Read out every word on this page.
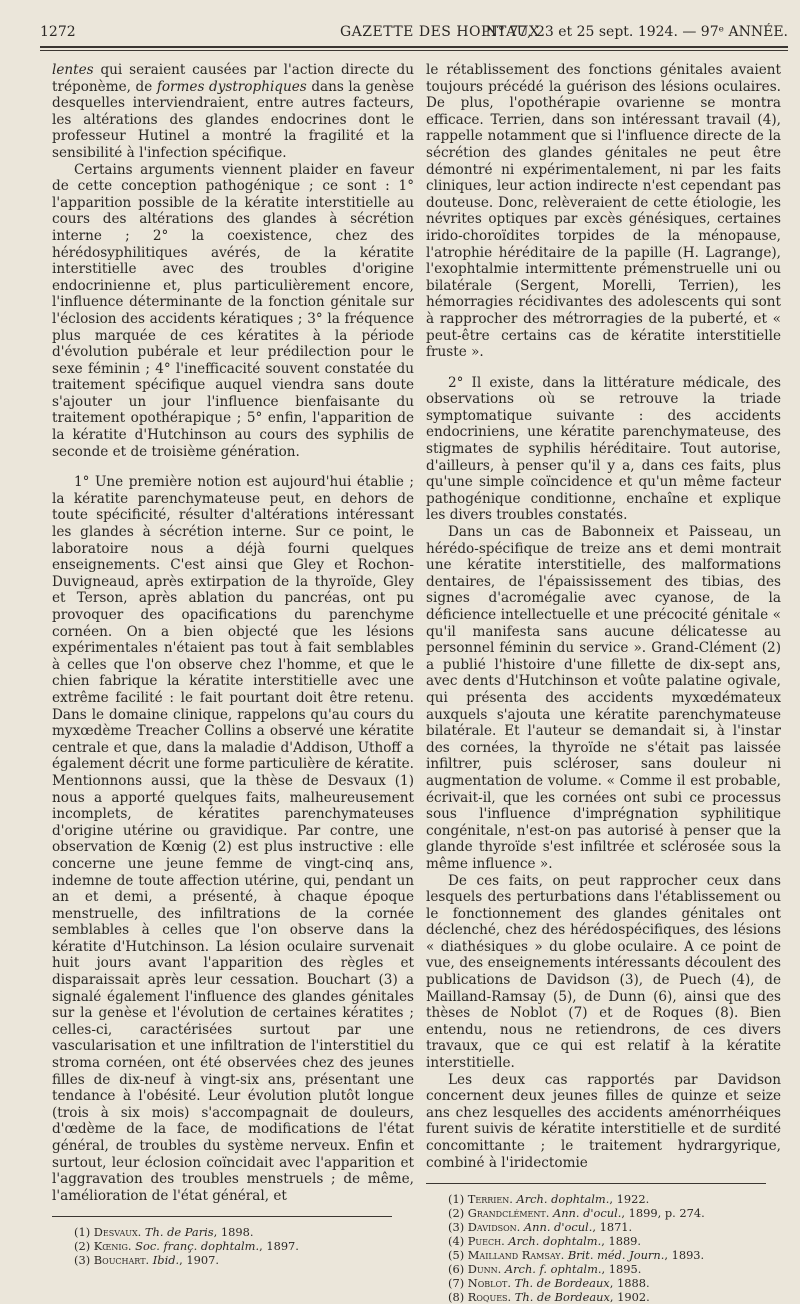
1272	GAZETTE DES HOPITAUX
N° 77, 23 et 25 sept. 1924. — 97ᵉ ANNÉE.

lentes qui seraient causées par l'action directe du tréponème, de formes dystrophiques dans la genèse desquelles interviendraient, entre autres facteurs, les altérations des glandes endocrines dont le professeur Hutinel a montré la fragilité et la sensibilité à l'infection spécifique.

Certains arguments viennent plaider en faveur de cette conception pathogénique ; ce sont : 1° l'apparition possible de la kératite interstitielle au cours des altérations des glandes à sécrétion interne ; 2° la coexistence, chez des hérédosyphilitiques avérés, de la kératite interstitielle avec des troubles d'origine endocrinienne et, plus particulièrement encore, l'influence déterminante de la fonction génitale sur l'éclosion des accidents kératiques ; 3° la fréquence plus marquée de ces kératites à la période d'évolution pubérale et leur prédilection pour le sexe féminin ; 4° l'inefficacité souvent constatée du traitement spécifique auquel viendra sans doute s'ajouter un jour l'influence bienfaisante du traitement opothérapique ; 5° enfin, l'apparition de la kératite d'Hutchinson au cours des syphilis de seconde et de troisième génération.

1° Une première notion est aujourd'hui établie ; la kératite parenchymateuse peut, en dehors de toute spécificité, résulter d'altérations intéressant les glandes à sécrétion interne. Sur ce point, le laboratoire nous a déjà fourni quelques enseignements. C'est ainsi que Gley et Rochon-Duvigneaud, après extirpation de la thyroïde, Gley et Terson, après ablation du pancréas, ont pu provoquer des opacifications du parenchyme cornéen. On a bien objecté que les lésions expérimentales n'étaient pas tout à fait semblables à celles que l'on observe chez l'homme, et que le chien fabrique la kératite interstitielle avec une extrême facilité : le fait pourtant doit être retenu. Dans le domaine clinique, rappelons qu'au cours du myxœdème Treacher Collins a observé une kératite centrale et que, dans la maladie d'Addison, Uthoff a également décrit une forme particulière de kératite. Mentionnons aussi, que la thèse de Desvaux (1) nous a apporté quelques faits, malheureusement incomplets, de kératites parenchymateuses d'origine utérine ou gravidique. Par contre, une observation de Kœnig (2) est plus instructive : elle concerne une jeune femme de vingt-cinq ans, indemne de toute affection utérine, qui, pendant un an et demi, a présenté, à chaque époque menstruelle, des infiltrations de la cornée semblables à celles que l'on observe dans la kératite d'Hutchinson. La lésion oculaire survenait huit jours avant l'apparition des règles et disparaissait après leur cessation. Bouchart (3) a signalé également l'influence des glandes génitales sur la genèse et l'évolution de certaines kératites ; celles-ci, caractérisées surtout par une vascularisation et une infiltration de l'interstitiel du stroma cornéen, ont été observées chez des jeunes filles de dix-neuf à vingt-six ans, présentant une tendance à l'obésité. Leur évolution plutôt longue (trois à six mois) s'accompagnait de douleurs, d'œdème de la face, de modifications de l'état général, de troubles du système nerveux. Enfin et surtout, leur éclosion coïncidait avec l'apparition et l'aggravation des troubles menstruels ; de même, l'amélioration de l'état général, et

(1) Desvaux. Th. de Paris, 1898.
(2) Kœnig. Soc. franç. dophtalm., 1897.
(3) Bouchart. Ibid., 1907.

le rétablissement des fonctions génitales avaient toujours précédé la guérison des lésions oculaires. De plus, l'opothérapie ovarienne se montra efficace. Terrien, dans son intéressant travail (4), rappelle notamment que si l'influence directe de la sécrétion des glandes génitales ne peut être démontré ni expérimentalement, ni par les faits cliniques, leur action indirecte n'est cependant pas douteuse. Donc, relèveraient de cette étiologie, les névrites optiques par excès génésiques, certaines irido-choroïdites torpides de la ménopause, l'atrophie héréditaire de la papille (H. Lagrange), l'exophtalmie intermittente prémenstruelle uni ou bilatérale (Sergent, Morelli, Terrien), les hémorragies récidivantes des adolescents qui sont à rapprocher des métrorragies de la puberté, et « peut-être certains cas de kératite interstitielle fruste ».

2° Il existe, dans la littérature médicale, des observations où se retrouve la triade symptomatique suivante : des accidents endocriniens, une kératite parenchymateuse, des stigmates de syphilis héréditaire. Tout autorise, d'ailleurs, à penser qu'il y a, dans ces faits, plus qu'une simple coïncidence et qu'un même facteur pathogénique conditionne, enchaîne et explique les divers troubles constatés.

Dans un cas de Babonneix et Paisseau, un hérédo-spécifique de treize ans et demi montrait une kératite interstitielle, des malformations dentaires, de l'épaississement des tibias, des signes d'acromégalie avec cyanose, de la déficience intellectuelle et une précocité génitale « qu'il manifesta sans aucune délicatesse au personnel féminin du service ». Grand-Clément (2) a publié l'histoire d'une fillette de dix-sept ans, avec dents d'Hutchinson et voûte palatine ogivale, qui présenta des accidents myxœdémateux auxquels s'ajouta une kératite parenchymateuse bilatérale. Et l'auteur se demandait si, à l'instar des cornées, la thyroïde ne s'était pas laissée infiltrer, puis scléroser, sans douleur ni augmentation de volume. « Comme il est probable, écrivait-il, que les cornées ont subi ce processus sous l'influence d'imprégnation syphilitique congénitale, n'est-on pas autorisé à penser que la glande thyroïde s'est infiltrée et sclérosée sous la même influence ».

De ces faits, on peut rapprocher ceux dans lesquels des perturbations dans l'établissement ou le fonctionnement des glandes génitales ont déclenché, chez des hérédospécifiques, des lésions « diathésiques » du globe oculaire. A ce point de vue, des enseignements intéressants découlent des publications de Davidson (3), de Puech (4), de Mailland-Ramsay (5), de Dunn (6), ainsi que des thèses de Noblot (7) et de Roques (8). Bien entendu, nous ne retiendrons, de ces divers travaux, que ce qui est relatif à la kératite interstitielle.

Les deux cas rapportés par Davidson concernent deux jeunes filles de quinze et seize ans chez lesquelles des accidents aménorrhéiques furent suivis de kératite interstitielle et de surdité concomittante ; le traitement hydrargyrique, combiné à l'iridectomie

(1) Terrien. Arch. dophtalm., 1922.
(2) Grandclément. Ann. d'ocul., 1899, p. 274.
(3) Davidson. Ann. d'ocul., 1871.
(4) Puech. Arch. dophtalm., 1889.
(5) Mailland Ramsay. Brit. méd. Journ., 1893.
(6) Dunn. Arch. f. ophtalm., 1895.
(7) Noblot. Th. de Bordeaux, 1888.
(8) Roques. Th. de Bordeaux, 1902.
